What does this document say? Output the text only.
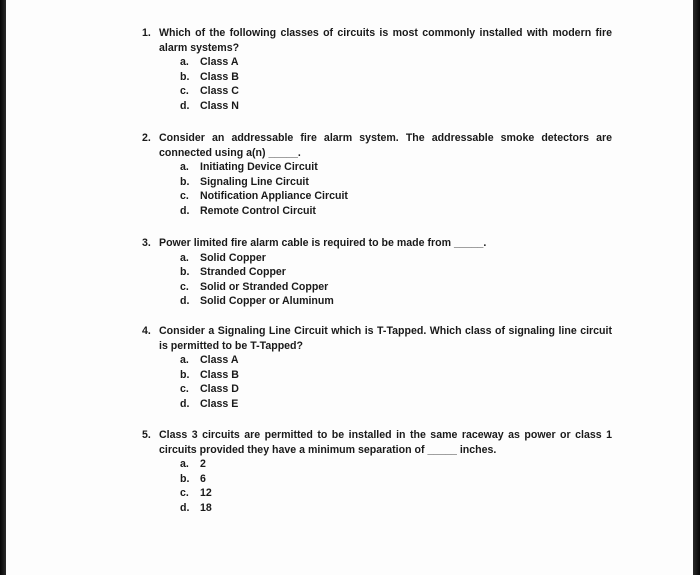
1. Which of the following classes of circuits is most commonly installed with modern fire alarm systems?
a. Class A
b. Class B
c. Class C
d. Class N
2. Consider an addressable fire alarm system. The addressable smoke detectors are connected using a(n) _____.
a. Initiating Device Circuit
b. Signaling Line Circuit
c. Notification Appliance Circuit
d. Remote Control Circuit
3. Power limited fire alarm cable is required to be made from _____.
a. Solid Copper
b. Stranded Copper
c. Solid or Stranded Copper
d. Solid Copper or Aluminum
4. Consider a Signaling Line Circuit which is T-Tapped. Which class of signaling line circuit is permitted to be T-Tapped?
a. Class A
b. Class B
c. Class D
d. Class E
5. Class 3 circuits are permitted to be installed in the same raceway as power or class 1 circuits provided they have a minimum separation of _____ inches.
a. 2
b. 6
c. 12
d. 18
